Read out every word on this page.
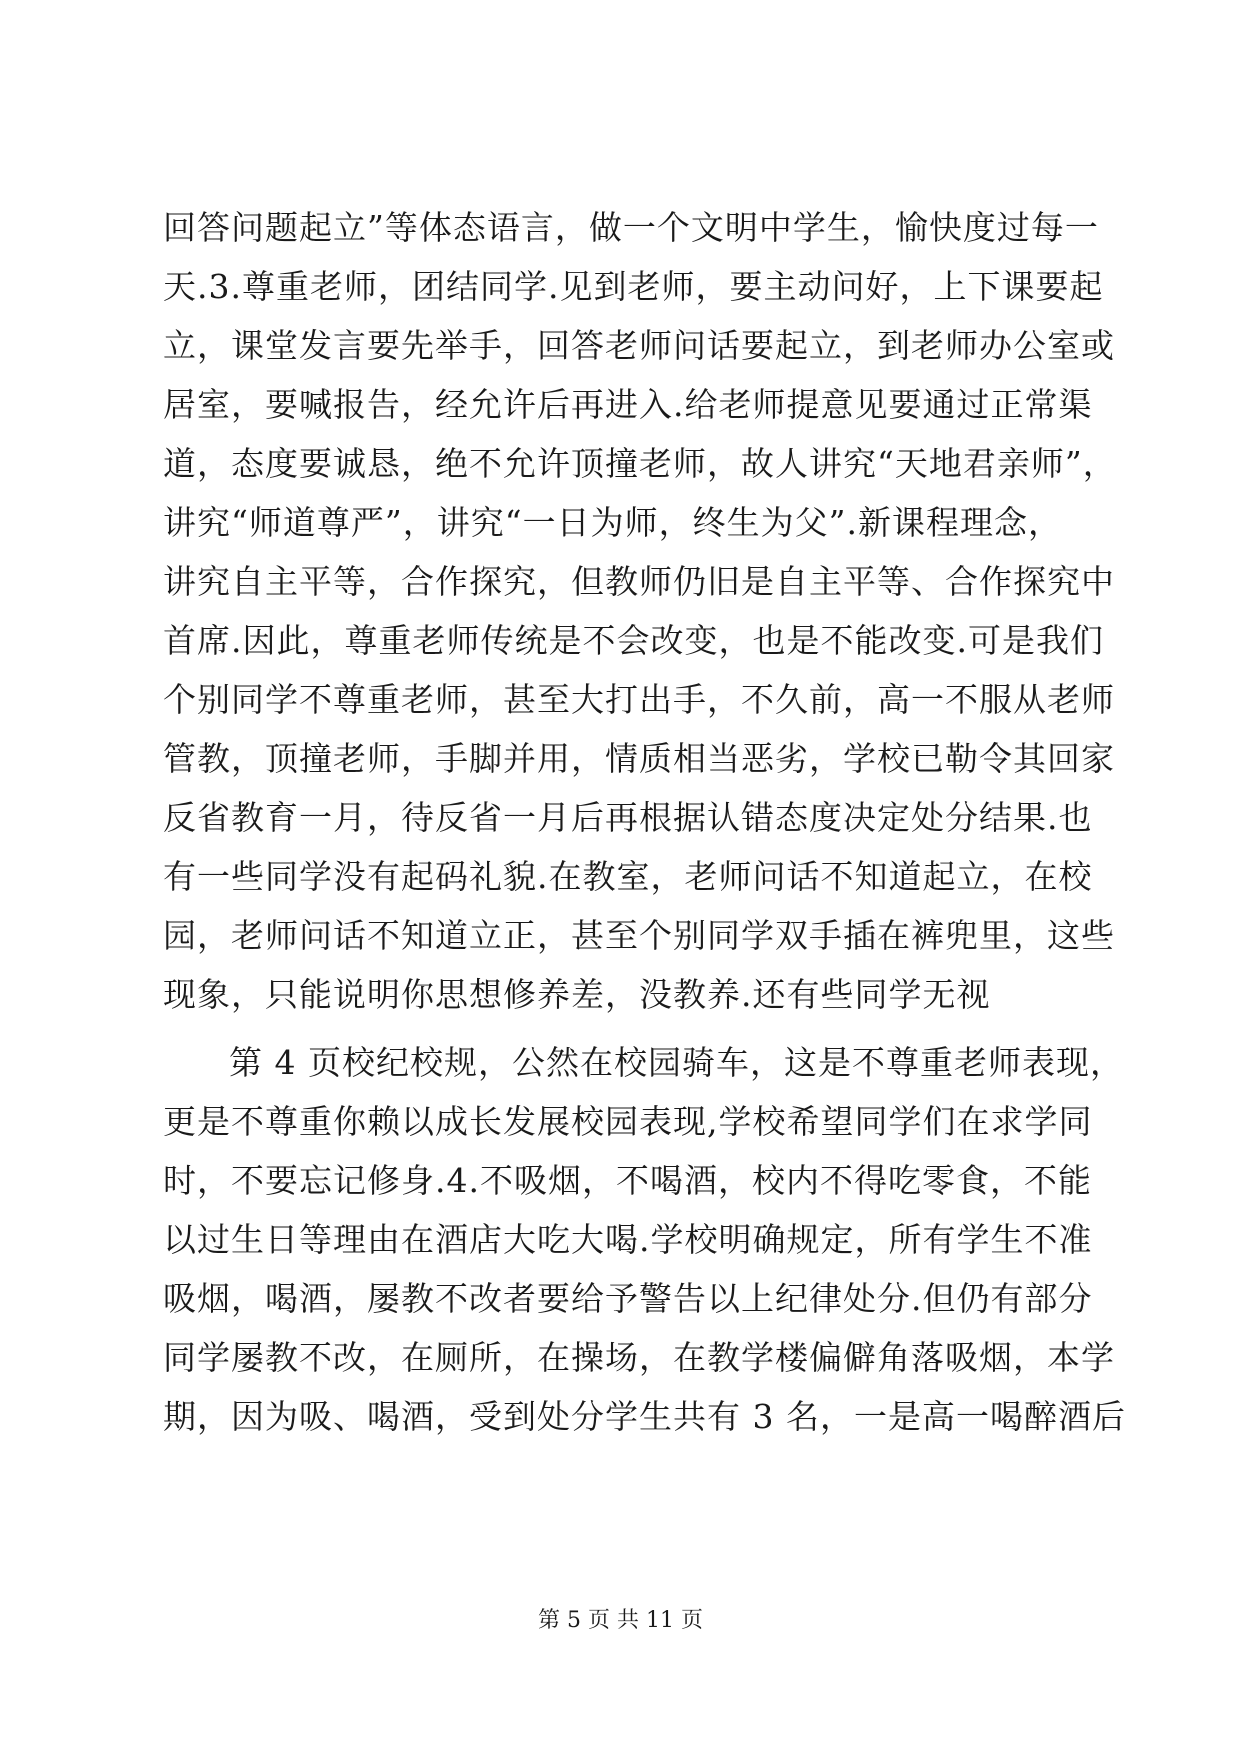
回答问题起立”等体态语言，做一个文明中学生，愉快度过每一
天.3.尊重老师，团结同学.见到老师，要主动问好，上下课要起
立，课堂发言要先举手，回答老师问话要起立，到老师办公室或
居室，要喊报告，经允许后再进入.给老师提意见要通过正常渠
道，态度要诚恳，绝不允许顶撞老师，故人讲究“天地君亲师”，
讲究“师道尊严”，讲究“一日为师，终生为父”.新课程理念，
讲究自主平等，合作探究，但教师仍旧是自主平等、合作探究中
首席.因此，尊重老师传统是不会改变，也是不能改变.可是我们
个别同学不尊重老师，甚至大打出手，不久前，高一不服从老师
管教，顶撞老师，手脚并用，情质相当恶劣，学校已勒令其回家
反省教育一月，待反省一月后再根据认错态度决定处分结果.也
有一些同学没有起码礼貌.在教室，老师问话不知道起立，在校
园，老师问话不知道立正，甚至个别同学双手插在裤兜里，这些
现象，只能说明你思想修养差，没教养.还有些同学无视
第 4 页校纪校规，公然在校园骑车，这是不尊重老师表现，
更是不尊重你赖以成长发展校园表现,学校希望同学们在求学同
时，不要忘记修身.4.不吸烟，不喝酒，校内不得吃零食，不能
以过生日等理由在酒店大吃大喝.学校明确规定，所有学生不准
吸烟，喝酒，屡教不改者要给予警告以上纪律处分.但仍有部分
同学屡教不改，在厕所，在操场，在教学楼偏僻角落吸烟，本学
期，因为吸、喝酒，受到处分学生共有 3 名，一是高一喝醉酒后
第 5 页 共 11 页
